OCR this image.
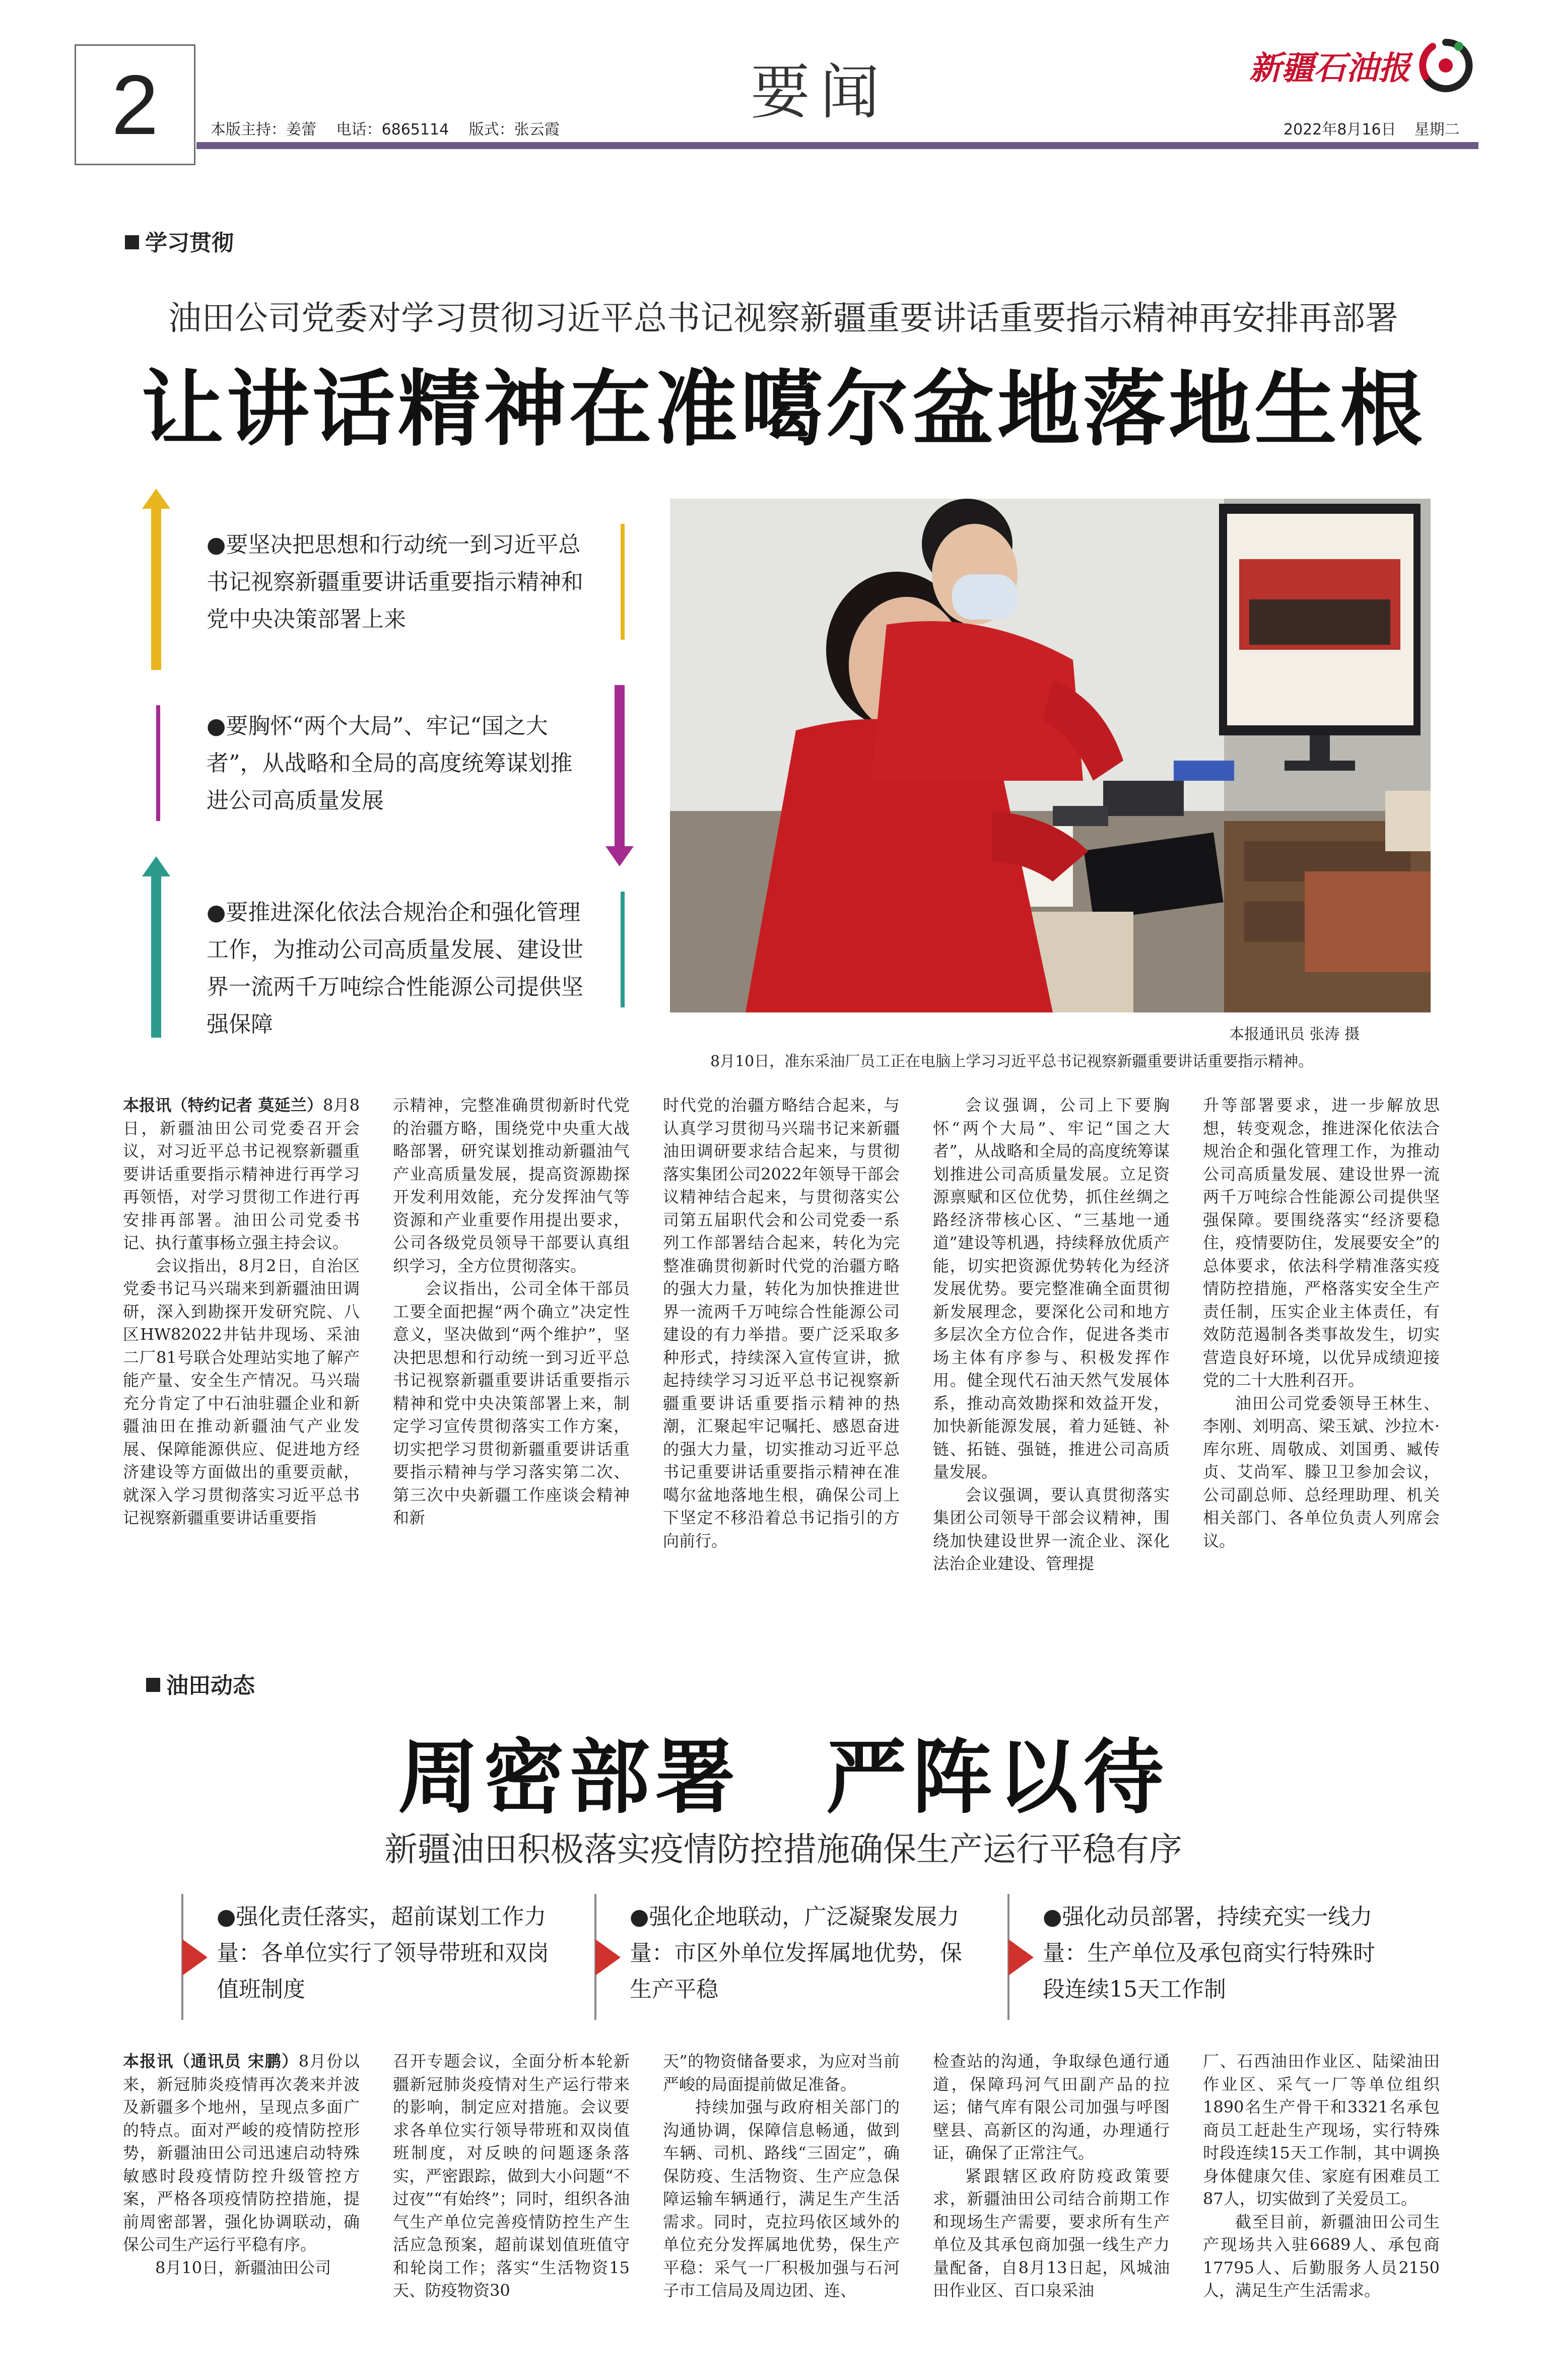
2	本版主持：姜蕾 电话：6865114 版式：张云霞
要闻	新疆石油报
2022年8月16日 星期二
学习贯彻
油田公司党委对学习贯彻习近平总书记视察新疆重要讲话重要指示精神再安排再部署
让讲话精神在准噶尔盆地落地生根
●要坚决把思想和行动统一到习近平总书记视察新疆重要讲话重要指示精神和党中央决策部署上来
●要胸怀“两个大局”、牢记“国之大者”，从战略和全局的高度统筹谋划推进公司高质量发展
●要推进深化依法合规治企和强化管理工作，为推动公司高质量发展、建设世界一流两千万吨综合性能源公司提供坚强保障	本报通讯员 张涛 摄
8月10日，准东采油厂员工正在电脑上学习习近平总书记视察新疆重要讲话重要指示精神。

本报讯（特约记者 莫延兰）8月8日，新疆油田公司党委召开会议，对习近平总书记视察新疆重要讲话重要指示精神进行再学习再领悟，对学习贯彻工作进行再安排再部署。油田公司党委书记、执行董事杨立强主持会议。

会议指出，8月2日，自治区党委书记马兴瑞来到新疆油田调研，深入到勘探开发研究院、八区HW82022井钻井现场、采油二厂81号联合处理站实地了解产能产量、安全生产情况。马兴瑞充分肯定了中石油驻疆企业和新疆油田在推动新疆油气产业发展、保障能源供应、促进地方经济建设等方面做出的重要贡献，就深入学习贯彻落实习近平总书记视察新疆重要讲话重要指

示精神，完整准确贯彻新时代党的治疆方略，围绕党中央重大战略部署，研究谋划推动新疆油气产业高质量发展，提高资源勘探开发利用效能，充分发挥油气等资源和产业重要作用提出要求，公司各级党员领导干部要认真组织学习，全方位贯彻落实。

会议指出，公司全体干部员工要全面把握“两个确立”决定性意义，坚决做到“两个维护”，坚决把思想和行动统一到习近平总书记视察新疆重要讲话重要指示精神和党中央决策部署上来，制定学习宣传贯彻落实工作方案，切实把学习贯彻新疆重要讲话重要指示精神与学习落实第二次、第三次中央新疆工作座谈会精神和新

时代党的治疆方略结合起来，与认真学习贯彻马兴瑞书记来新疆油田调研要求结合起来，与贯彻落实集团公司2022年领导干部会议精神结合起来，与贯彻落实公司第五届职代会和公司党委一系列工作部署结合起来，转化为完整准确贯彻新时代党的治疆方略的强大力量，转化为加快推进世界一流两千万吨综合性能源公司建设的有力举措。要广泛采取多种形式，持续深入宣传宣讲，掀起持续学习习近平总书记视察新疆重要讲话重要指示精神的热潮，汇聚起牢记嘱托、感恩奋进的强大力量，切实推动习近平总书记重要讲话重要指示精神在准噶尔盆地落地生根，确保公司上下坚定不移沿着总书记指引的方向前行。

会议强调，公司上下要胸怀“两个大局”、牢记“国之大者”，从战略和全局的高度统筹谋划推进公司高质量发展。立足资源禀赋和区位优势，抓住丝绸之路经济带核心区、“三基地一通道”建设等机遇，持续释放优质产能，切实把资源优势转化为经济发展优势。要完整准确全面贯彻新发展理念，要深化公司和地方多层次全方位合作，促进各类市场主体有序参与、积极发挥作用。健全现代石油天然气发展体系，推动高效勘探和效益开发，加快新能源发展，着力延链、补链、拓链、强链，推进公司高质量发展。

会议强调，要认真贯彻落实集团公司领导干部会议精神，围绕加快建设世界一流企业、深化法治企业建设、管理提

升等部署要求，进一步解放思想，转变观念，推进深化依法合规治企和强化管理工作，为推动公司高质量发展、建设世界一流两千万吨综合性能源公司提供坚强保障。要围绕落实“经济要稳住，疫情要防住，发展要安全”的总体要求，依法科学精准落实疫情防控措施，严格落实安全生产责任制，压实企业主体责任，有效防范遏制各类事故发生，切实营造良好环境，以优异成绩迎接党的二十大胜利召开。

油田公司党委领导王林生、李刚、刘明高、梁玉斌、沙拉木·库尔班、周敬成、刘国勇、臧传贞、艾尚军、滕卫卫参加会议，公司副总师、总经理助理、机关相关部门、各单位负责人列席会议。

油田动态
周密部署　严阵以待
新疆油田积极落实疫情防控措施确保生产运行平稳有序
●强化责任落实，超前谋划工作力量：各单位实行了领导带班和双岗值班制度
●强化企地联动，广泛凝聚发展力量：市区外单位发挥属地优势，保生产平稳
●强化动员部署，持续充实一线力量：生产单位及承包商实行特殊时段连续15天工作制

本报讯（通讯员 宋鹏）8月份以来，新冠肺炎疫情再次袭来并波及新疆多个地州，呈现点多面广的特点。面对严峻的疫情防控形势，新疆油田公司迅速启动特殊敏感时段疫情防控升级管控方案，严格各项疫情防控措施，提前周密部署，强化协调联动，确保公司生产运行平稳有序。

8月10日，新疆油田公司

召开专题会议，全面分析本轮新疆新冠肺炎疫情对生产运行带来的影响，制定应对措施。会议要求各单位实行领导带班和双岗值班制度，对反映的问题逐条落实，严密跟踪，做到大小问题“不过夜”“有始终”；同时，组织各油气生产单位完善疫情防控生产生活应急预案，超前谋划值班值守和轮岗工作；落实“生活物资15天、防疫物资30

天”的物资储备要求，为应对当前严峻的局面提前做足准备。

持续加强与政府相关部门的沟通协调，保障信息畅通，做到车辆、司机、路线“三固定”，确保防疫、生活物资、生产应急保障运输车辆通行，满足生产生活需求。同时，克拉玛依区域外的单位充分发挥属地优势，保生产平稳：采气一厂积极加强与石河子市工信局及周边团、连、

检查站的沟通，争取绿色通行通道，保障玛河气田副产品的拉运；储气库有限公司加强与呼图壁县、高新区的沟通，办理通行证，确保了正常注气。

紧跟辖区政府防疫政策要求，新疆油田公司结合前期工作和现场生产需要，要求所有生产单位及其承包商加强一线生产力量配备，自8月13日起，风城油田作业区、百口泉采油

厂、石西油田作业区、陆梁油田作业区、采气一厂等单位组织1890名生产骨干和3321名承包商员工赶赴生产现场，实行特殊时段连续15天工作制，其中调换身体健康欠佳、家庭有困难员工87人，切实做到了关爱员工。

截至目前，新疆油田公司生产现场共入驻6689人、承包商17795人、后勤服务人员2150人，满足生产生活需求。
